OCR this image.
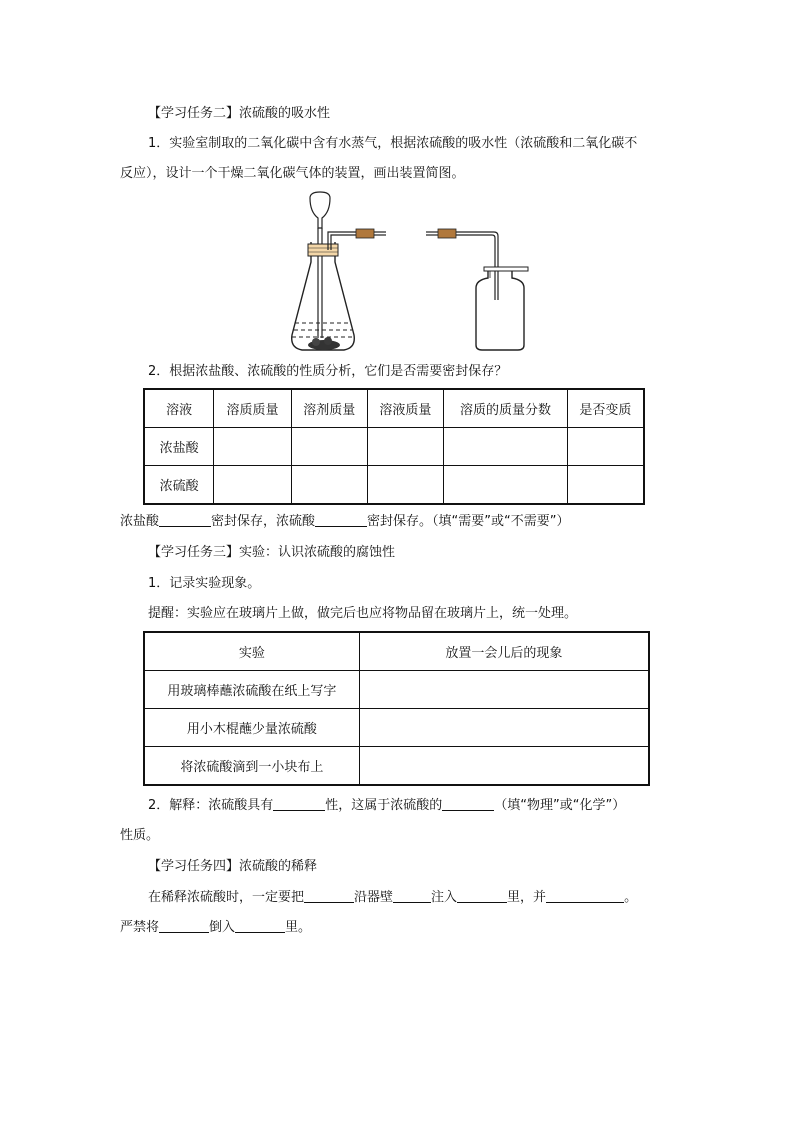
【学习任务二】浓硫酸的吸水性
1．实验室制取的二氧化碳中含有水蒸气，根据浓硫酸的吸水性（浓硫酸和二氧化碳不
反应），设计一个干燥二氧化碳气体的装置，画出装置简图。
2．根据浓盐酸、浓硫酸的性质分析，它们是否需要密封保存？
溶液	溶质质量	溶剂质量	溶液质量	溶质的质量分数	是否变质
浓盐酸					
浓硫酸					
浓盐酸	密封保存，浓硫酸	密封保存。（填“需要”或“不需要”）
【学习任务三】实验：认识浓硫酸的腐蚀性
1．记录实验现象。
提醒：实验应在玻璃片上做，做完后也应将物品留在玻璃片上，统一处理。
实验	放置一会儿后的现象
用玻璃棒蘸浓硫酸在纸上写字	
用小木棍蘸少量浓硫酸	
将浓硫酸滴到一小块布上	
2．解释：浓硫酸具有	性，这属于浓硫酸的	（填“物理”或“化学”）
性质。
【学习任务四】浓硫酸的稀释
在稀释浓硫酸时，一定要把	沿器壁	注入	里，并	。
严禁将	倒入	里。
